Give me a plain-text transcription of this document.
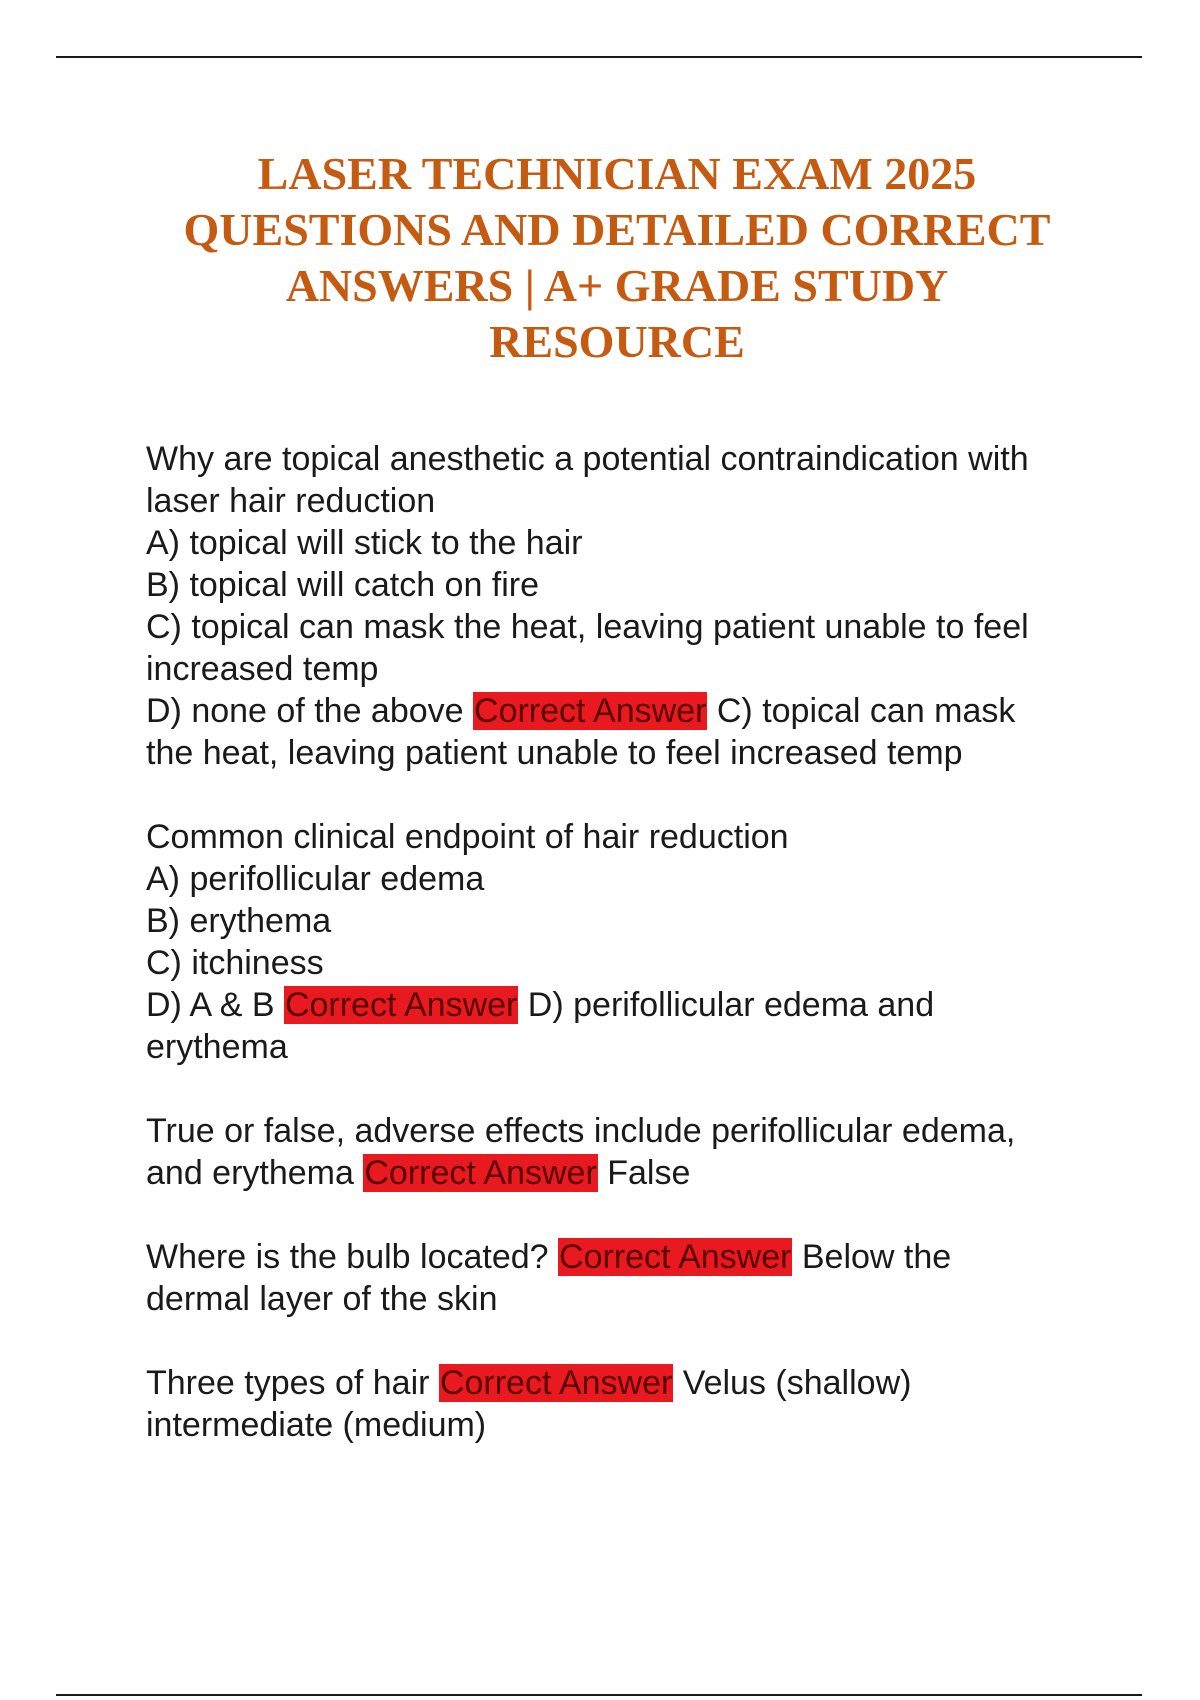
LASER TECHNICIAN EXAM 2025
QUESTIONS AND DETAILED CORRECT
ANSWERS | A+ GRADE STUDY
RESOURCE

Why are topical anesthetic a potential contraindication with

laser hair reduction

A) topical will stick to the hair

B) topical will catch on fire

C) topical can mask the heat, leaving patient unable to feel

increased temp

D) none of the above Correct Answer C) topical can mask

the heat, leaving patient unable to feel increased temp

Common clinical endpoint of hair reduction

A) perifollicular edema

B) erythema

C) itchiness

D) A & B Correct Answer D) perifollicular edema and

erythema

True or false, adverse effects include perifollicular edema,

and erythema Correct Answer False

Where is the bulb located? Correct Answer Below the

dermal layer of the skin

Three types of hair Correct Answer Velus (shallow)

intermediate (medium)
